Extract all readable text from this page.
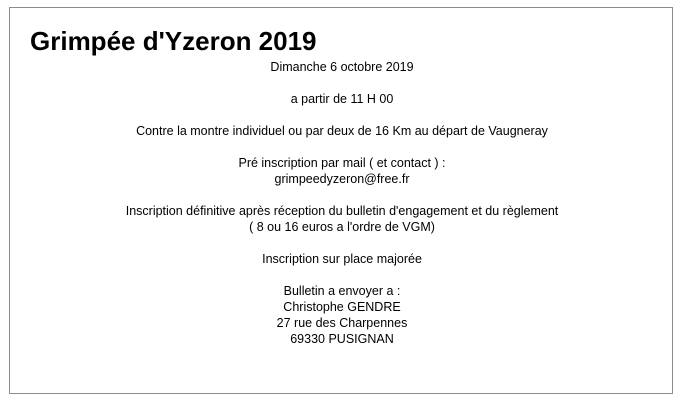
Grimpée d'Yzeron 2019
Dimanche 6 octobre 2019
a partir de 11 H 00
Contre la montre individuel ou par deux de 16 Km au départ de Vaugneray
Pré inscription par mail ( et contact ) :
grimpeedyzeron@free.fr
Inscription définitive après réception du bulletin d'engagement et du règlement
( 8 ou 16 euros a l'ordre de VGM)
Inscription sur place majorée
Bulletin a envoyer a :
Christophe GENDRE
27 rue des Charpennes
69330 PUSIGNAN
